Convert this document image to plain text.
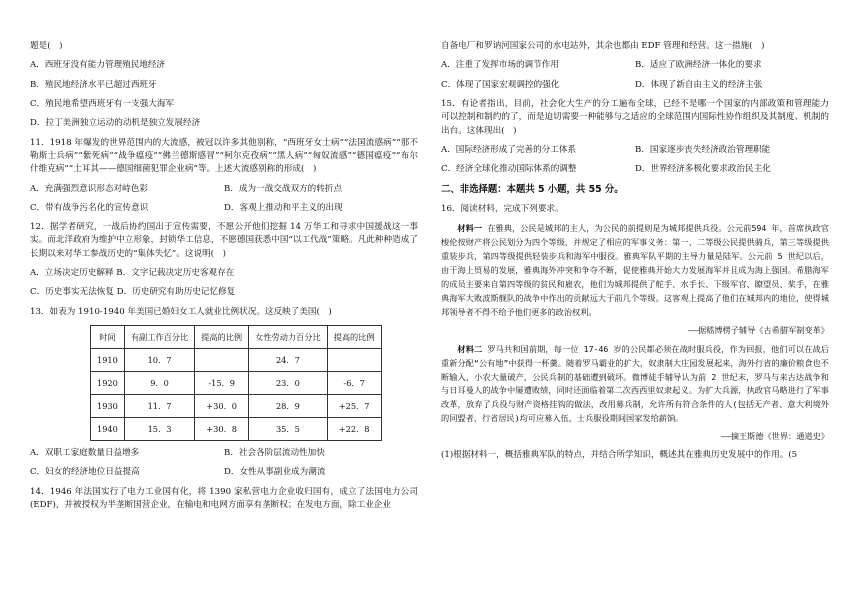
题是(　)

A．西班牙没有能力管理殖民地经济

B．殖民地经济水平已超过西班牙

C．殖民地希望西班牙有一支强大海军

D．拉丁美洲独立运动的动机是独立发展经济

11．1918 年爆发的世界范围内的大流感，被冠以许多其他别称，“西班牙女士病”“法国流感病”“那不勒斯士兵病”“紫死病”“战争瘟疫”“佛兰德斯感冒”“柯尔克孜病”“黑人病”“匈奴流感”“德国瘟疫”“布尔什维克病”“土耳其——德国细菌犯罪企业病”等。上述大流感别称的形成(　)

A．充满强烈意识形态对峙色彩	B．成为一战交战双方的转折点
C．带有战争污名化的宣传意识	D．客观上推动和平主义的出现

12．据学者研究，一战后协约国出于宣传需要，不愿公开他们挖掘 14 万华工和寻求中国援战这一事实。而北洋政府为维护中立形象，封锁华工信息，不愿德国获悉中国“以工代战”策略。凡此种种造成了长期以来对华工参战历史的“集体失忆”。这说明(　)

A．立场决定历史解释 B．文字记载决定历史客观存在

C．历史事实无法恢复 D．历史研究有助历史记忆修复

13．如表为 1910-1940 年美国已婚妇女工人就业比例状况。这反映了美国(　)

时间	有副工作百分比	提高的比例	女性劳动力百分比	提高的比例
1910	10．7		24．7	
1920	9．0	-15．9	23．0	-6．7
1930	11．7	+30．0	28．9	+25．7
1940	15．3	+30．8	35．5	+22．8
A．双职工家庭数量日益增多	B．社会各阶层流动性加快
C．妇女的经济地位日益提高	D．女性从事副业成为潮流

14．1946 年法国实行了电力工业国有化，将 1390 家私营电力企业收归国有，成立了法国电力公司(EDF)，并被授权为半垄断国营企业，在输电和电网方面享有垄断权；在发电方面，除工业企业

自备电厂和罗讷河国家公司的水电站外，其余也都由 EDF 管理和经营。这一措施(　)

A．注重了发挥市场的调节作用	B．适应了欧洲经济一体化的要求
C．体现了国家宏观调控的强化	D．体现了新自由主义的经济主张

15．有论者指出，目前，社会化大生产的分工遍布全球，已经不是哪一个国家的内部政策和管理能力可以控制和制约的了，而是迫切需要一种能够与之适应的全球范围内国际性协作组织及其制度、机制的出台。这体现出(　)

A．国际经济形成了完善的分工体系	B．国家逐步丧失经济政治管理职能
C．经济全球化推动国际体系的调整	D．世界经济多极化要求政治民主化

二、非选择题：本题共 5 小题，共 55 分。

16．阅读材料，完成下列要求。

材料一 在雅典，公民是城邦的主人，为公民的前提则是为城邦提供兵役。公元前594 年，首席执政官梭伦按财产将公民划分为四个等级，并规定了相应的军事义务：第一、二等级公民提供骑兵，第三等级提供重装步兵，第四等级提供轻装步兵和海军中服役。雅典军队平期的主导力量是陆军。公元前 5 世纪以后，由于海上贸易的发展，雅典海外冲突和争夺不断，促使雅典开始大力发展海军并且成为海上强国。希腊海军的成员主要来自第四等级的贫民和雇农，他们为城邦提供了舵手、水手长、下级军官、瞭望员、桨手，在雅典海军大败波斯舰队的战争中作出的贡献远大于前几个等级。这客观上提高了他们在城邦内的地位，使得城邦领导者不得不给予他们更多的政治权利。

——据嵇博楞子辅导《古希腊军制变革》

材料二 罗马共和国前期，每一位 17-46 岁的公民都必须在战时服兵役，作为回报，他们可以在战后重新分配“公有地”中获得一杯羹。随着罗马霸业的扩大，奴隶制大庄园发展起来，海外行省的廉价粮食也不断输入，小农大量破产，公民兵制的基础遭到破坏。微博徒手辅导认为前 2 世纪末，罗马与来古达战争和与日耳曼人的战争中屡遭败绩，同时还面临着第二次西西里奴隶起义。为扩大兵源，执政官马略进行了军事改革，放弃了兵役与财产资格挂钩的做法，改用募兵制，允许所有符合条件的人(包括无产者、意大利境外的同盟者、行省居民)均可应募入伍，士兵服役期间国家发给薪饷。

——摘王斯德《世界：通道史》

(1)根据材料一，概括雅典军队的特点，并结合所学知识，概述其在雅典历史发展中的作用。(5
